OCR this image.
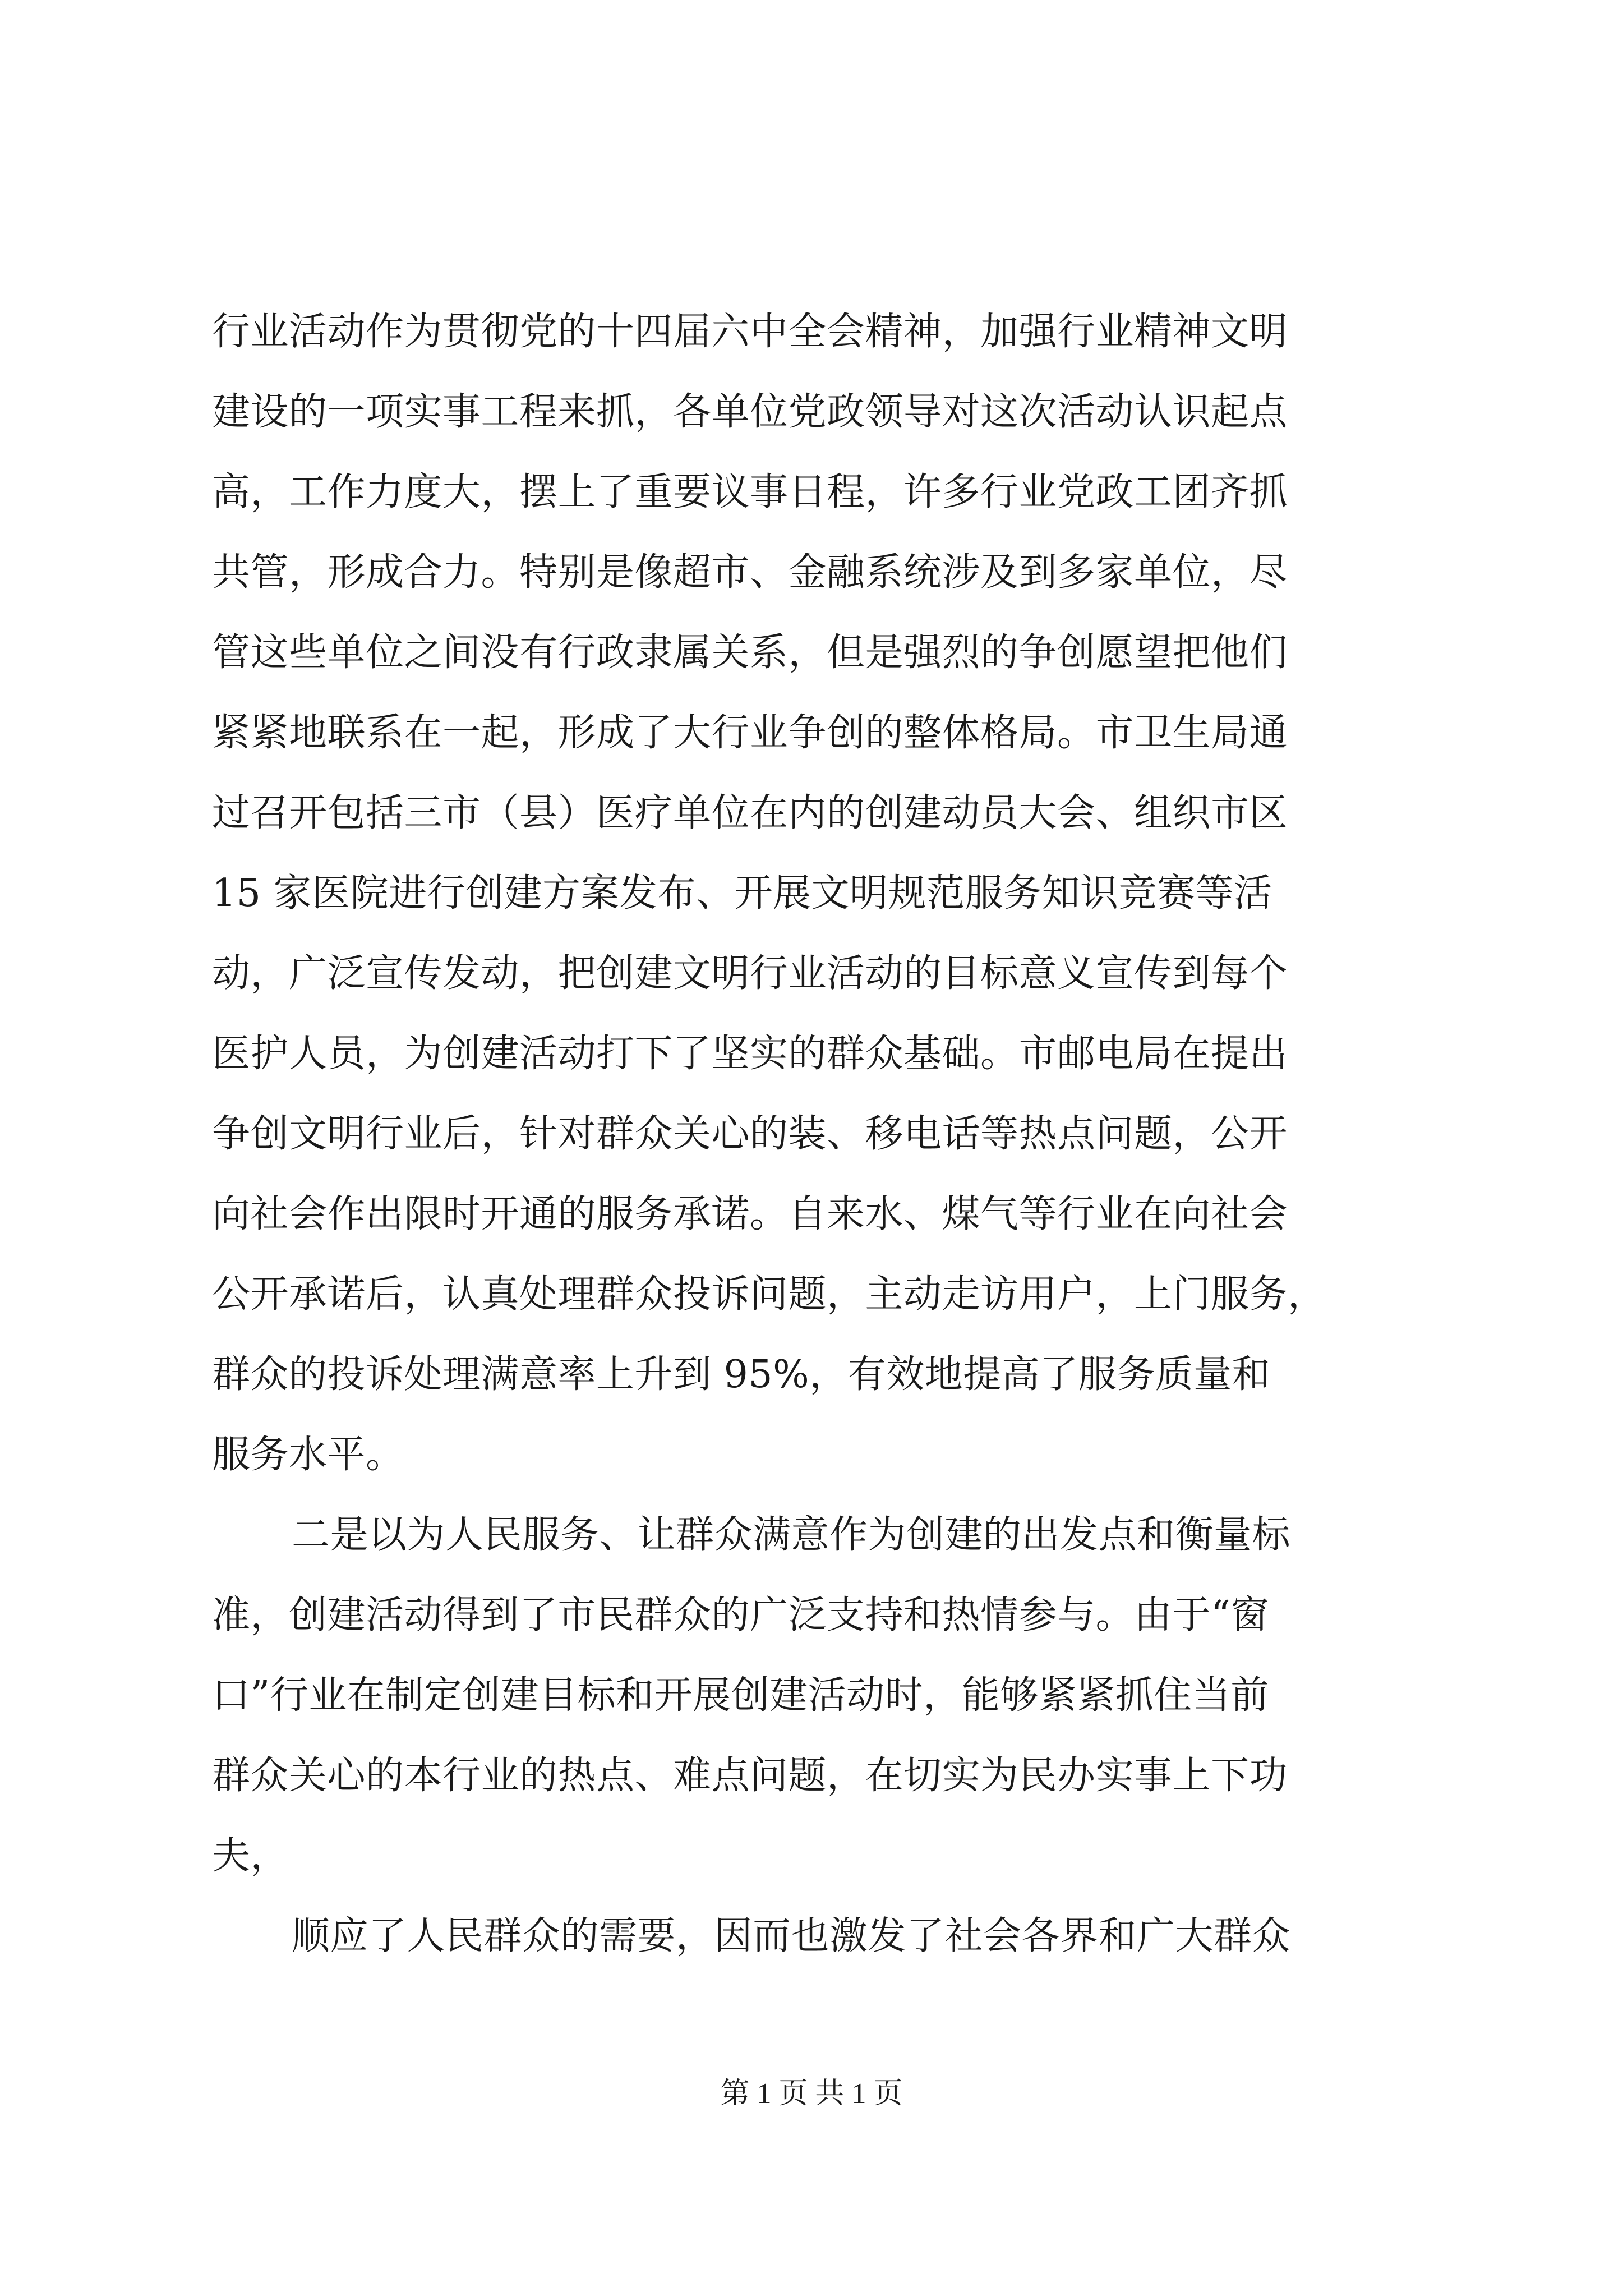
行业活动作为贯彻党的十四届六中全会精神，加强行业精神文明
建设的一项实事工程来抓，各单位党政领导对这次活动认识起点
高，工作力度大，摆上了重要议事日程，许多行业党政工团齐抓
共管，形成合力。特别是像超市、金融系统涉及到多家单位，尽
管这些单位之间没有行政隶属关系，但是强烈的争创愿望把他们
紧紧地联系在一起，形成了大行业争创的整体格局。市卫生局通
过召开包括三市（县）医疗单位在内的创建动员大会、组织市区
15 家医院进行创建方案发布、开展文明规范服务知识竞赛等活
动，广泛宣传发动，把创建文明行业活动的目标意义宣传到每个
医护人员，为创建活动打下了坚实的群众基础。市邮电局在提出
争创文明行业后，针对群众关心的装、移电话等热点问题，公开
向社会作出限时开通的服务承诺。自来水、煤气等行业在向社会
公开承诺后，认真处理群众投诉问题，主动走访用户，上门服务，
群众的投诉处理满意率上升到 95%，有效地提高了服务质量和
服务水平。
二是以为人民服务、让群众满意作为创建的出发点和衡量标
准，创建活动得到了市民群众的广泛支持和热情参与。由于“窗
口”行业在制定创建目标和开展创建活动时，能够紧紧抓住当前
群众关心的本行业的热点、难点问题，在切实为民办实事上下功
夫，
顺应了人民群众的需要，因而也激发了社会各界和广大群众
第 1 页 共 1 页
